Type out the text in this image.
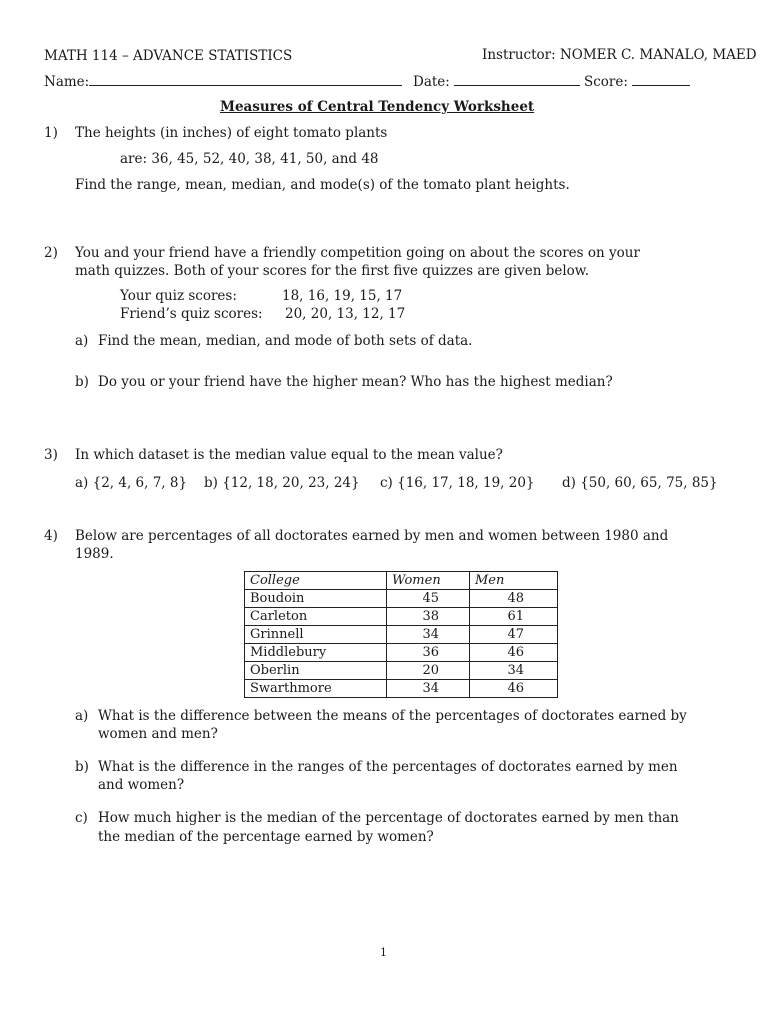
MATH 114 – ADVANCE STATISTICS	Instructor: NOMER C. MANALO, MAED
Name:	Date:	Score:
Measures of Central Tendency Worksheet
1) The heights (in inches) of eight tomato plants
are: 36, 45, 52, 40, 38, 41, 50, and 48
Find the range, mean, median, and mode(s) of the tomato plant heights.
2) You and your friend have a friendly competition going on about the scores on your
math quizzes. Both of your scores for the first five quizzes are given below.
Your quiz scores:	18, 16, 19, 15, 17
Friend’s quiz scores: 20, 20, 13, 12, 17
a) Find the mean, median, and mode of both sets of data.
b) Do you or your friend have the higher mean? Who has the highest median?
3) In which dataset is the median value equal to the mean value?
a) {2, 4, 6, 7, 8} b) {12, 18, 20, 23, 24} c) {16, 17, 18, 19, 20} d) {50, 60, 65, 75, 85}
4) Below are percentages of all doctorates earned by men and women between 1980 and
1989.
College	Women	Men
Boudoin	45	48
Carleton	38	61
Grinnell	34	47
Middlebury	36	46
Oberlin	20	34
Swarthmore	34	46
a) What is the difference between the means of the percentages of doctorates earned by
women and men?
b) What is the difference in the ranges of the percentages of doctorates earned by men
and women?
c) How much higher is the median of the percentage of doctorates earned by men than
the median of the percentage earned by women?
1
